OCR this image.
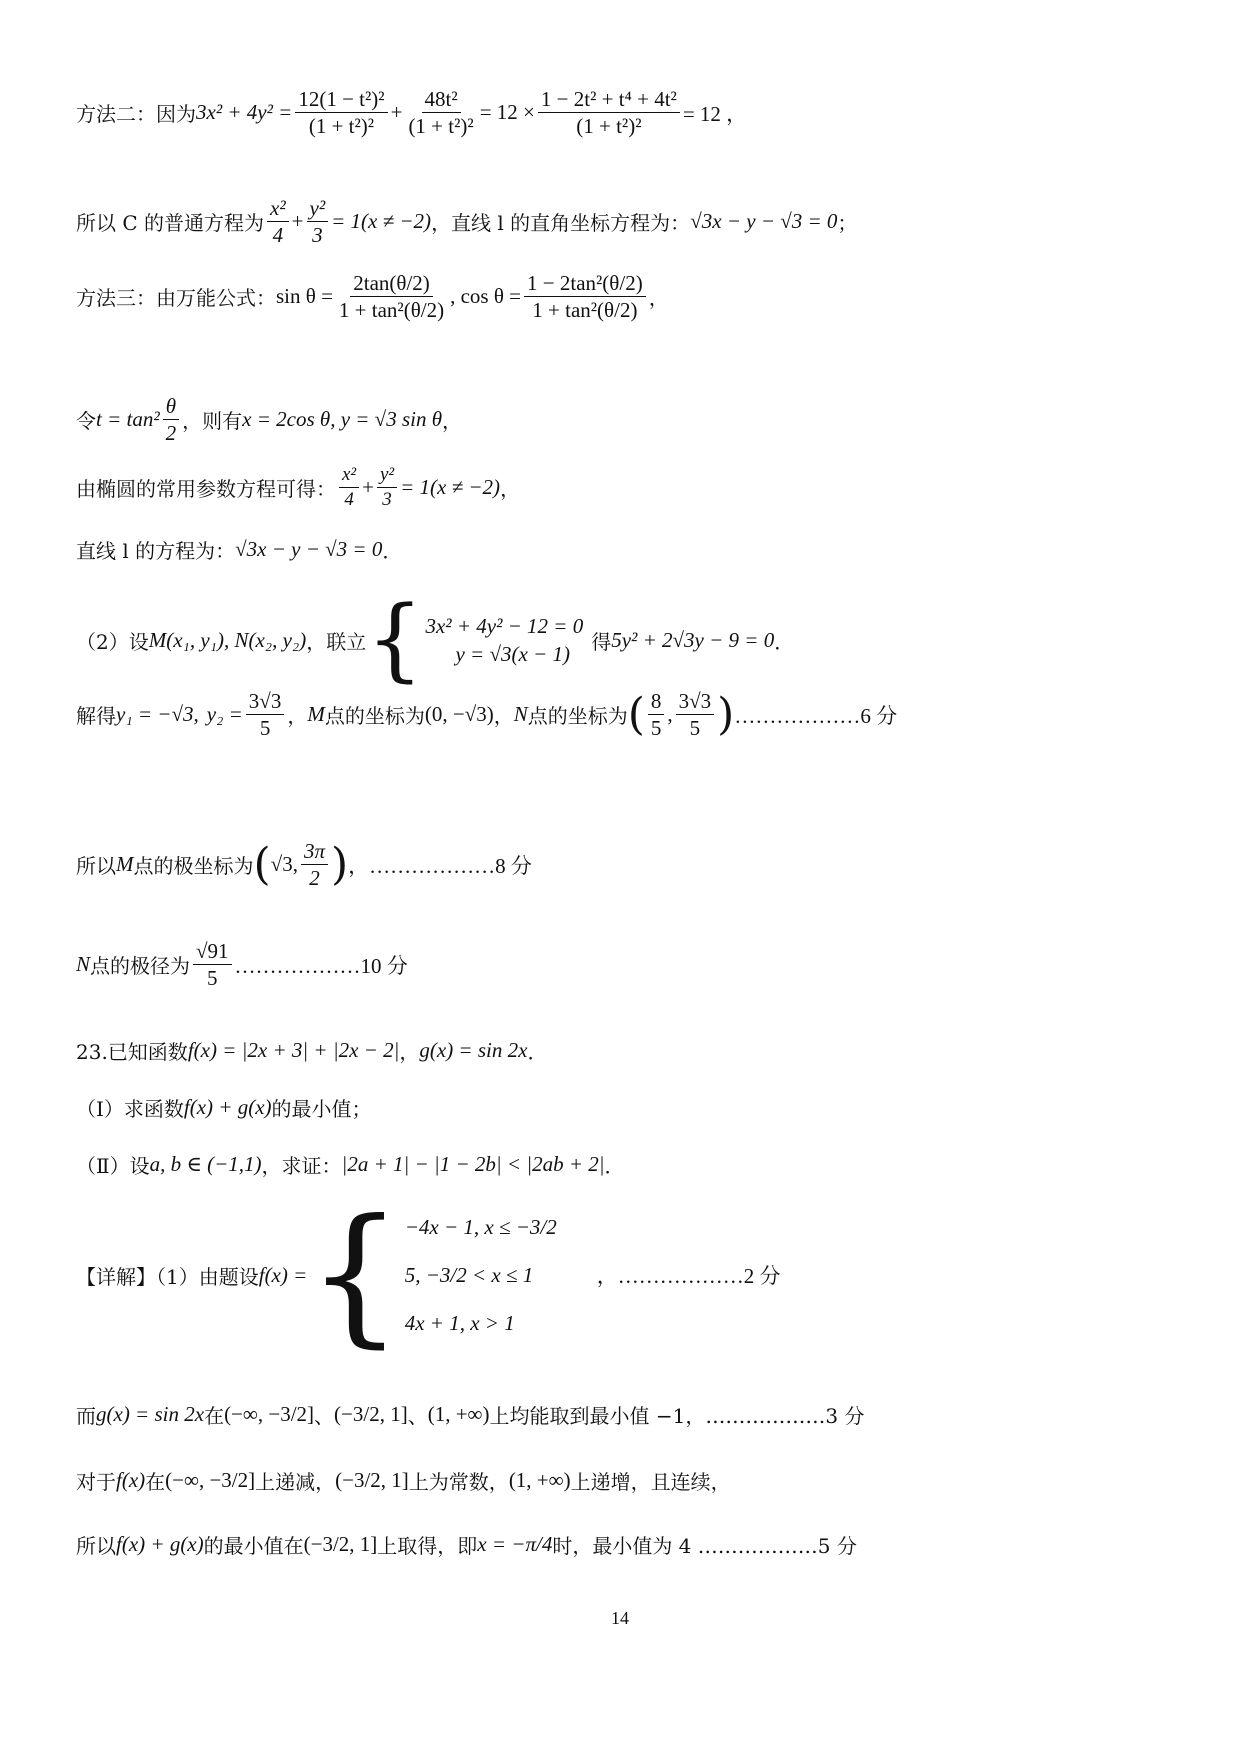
方法二：因为 $3x^2 + 4y^2 = \frac{\text{12(1 − t²)²}}{\text{(1 + t²)²}} + \frac{\text{48t²}}{\text{(1 + t²)²}} = 12 \times \frac{\text{1 − 2t² + t⁴ + 4t²}}{\text{(1 + t²)²}} = 12$ ，
所以 C 的普通方程为 $\frac{\text{x²}}{4} + \frac{\text{y²}}{3} = 1(x \ne -2)$ ，直线 l 的直角坐标方程为： √3x − y − √3 = 0 ；
方法三：由万能公式： $\sin \theta = \frac{2\tan(\theta/2)}{\text{1 + tan²(θ/2)}}$ , $\cos \theta = \frac{\text{1 − 2tan²(θ/2)}}{\text{1 + tan²(θ/2)}}$ ，
令 $t = \tan^2 \frac{\theta}{2}$ ，则有 x = 2cos θ, y = √3 sin θ ，
由椭圆的常用参数方程可得： $\frac{\text{x²}}{4} + \frac{\text{y²}}{3} = 1(x \ne -2)$ ，
直线 l 的方程为： √3x − y − √3 = 0 ．
（2）设 M(x₁, y₁), N(x₂, y₂) ，联立 { 3x² + 4y² − 12 = 0
y = √3(x − 1)	得 5y² + 2√3y − 9 = 0 ．
解得 y₁ = −√3, $y_2 = \frac{3√3}{5}$ ， M 点的坐标为 (0, −√3) ， N 点的坐标为 ( $\frac{8}{5}$ , $\frac{3√3}{5}$ ) ………………6 分
所以 M 点的极坐标为 ( √3, $\frac{3\pi}{2}$ ) ，………………8 分
N 点的极径为 $\frac{√91}{5}$ ………………10 分
23.已知函数 f(x) = |2x + 3| + |2x − 2| ， g(x) = sin 2x ．
（Ⅰ）求函数 f(x) + g(x) 的最小值；
（Ⅱ）设 a, b ∈ (−1,1) ，求证： |2a + 1| − |1 − 2b| < |2ab + 2| ．
【详解】（1）由题设 f(x) = { −4x − 1, x ≤ −3/2
5, −3/2 < x ≤ 1
4x + 1, x > 1
，………………2 分
而 g(x) = sin 2x 在 (−∞, −3/2] 、 (−3/2, 1] 、 (1, +∞) 上均能取到最小值 −1，………………3 分
对于 f(x) 在 (−∞, −3/2] 上递减， (−3/2, 1] 上为常数， (1, +∞) 上递增，且连续，
所以 f(x) + g(x) 的最小值在 (−3/2, 1] 上取得，即 x = −π/4 时，最小值为 4 ………………5 分
14
